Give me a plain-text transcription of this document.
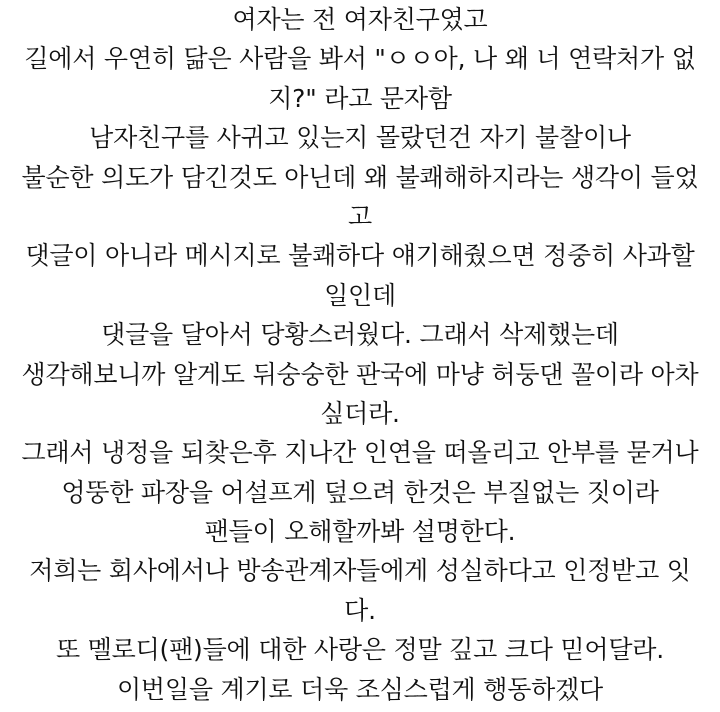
여자는 전 여자친구였고
길에서 우연히 닮은 사람을 봐서 "ㅇㅇ아, 나 왜 너 연락처가 없
지?" 라고 문자함
남자친구를 사귀고 있는지 몰랐던건 자기 불찰이나
불순한 의도가 담긴것도 아닌데 왜 불쾌해하지라는 생각이 들었
고
댓글이 아니라 메시지로 불쾌하다 얘기해줬으면 정중히 사과할
일인데
댓글을 달아서 당황스러웠다. 그래서 삭제했는데
생각해보니까 알게도 뒤숭숭한 판국에 마냥 허둥댄 꼴이라 아차
싶더라.
그래서 냉정을 되찾은후 지나간 인연을 떠올리고 안부를 묻거나
엉뚱한 파장을 어설프게 덮으려 한것은 부질없는 짓이라
팬들이 오해할까봐 설명한다.
저희는 회사에서나 방송관계자들에게 성실하다고 인정받고 잇
다.
또 멜로디(팬)들에 대한 사랑은 정말 깊고 크다 믿어달라.
이번일을 계기로 더욱 조심스럽게 행동하겠다
